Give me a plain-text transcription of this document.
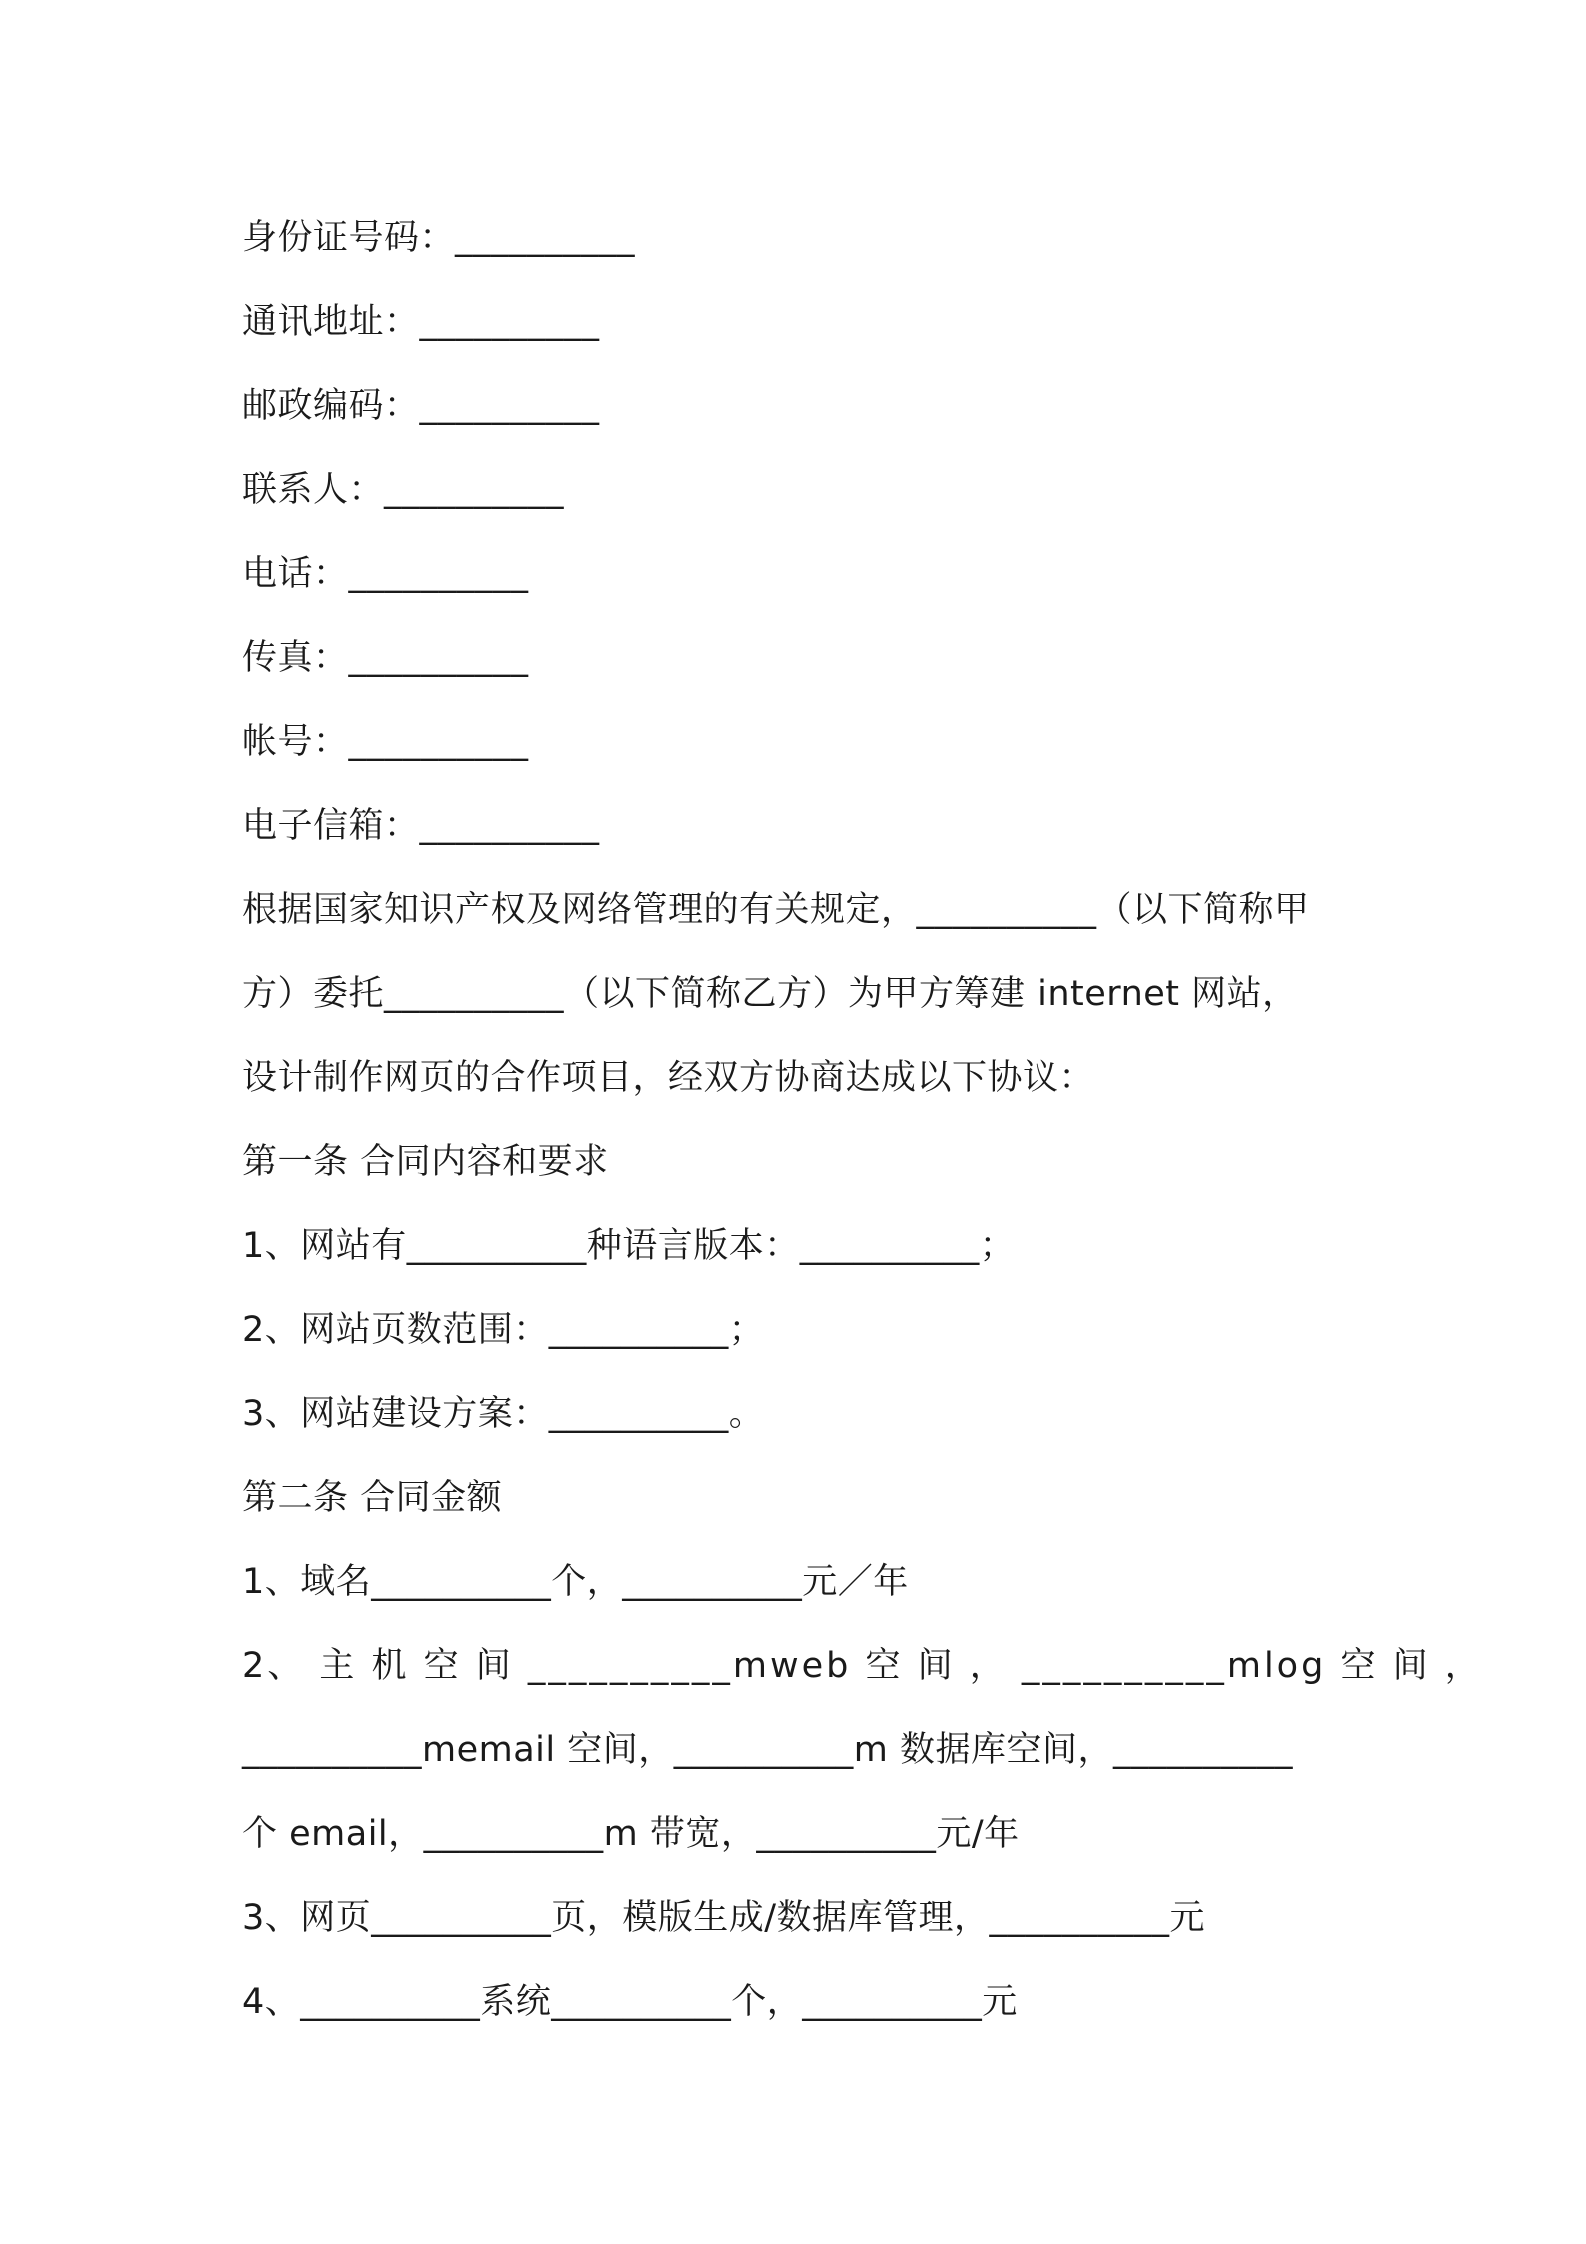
身份证号码：__________
通讯地址：__________
邮政编码：__________
联系人：__________
电话：__________
传真：__________
帐号：__________
电子信箱：__________
根据国家知识产权及网络管理的有关规定，__________（以下简称甲
方）委托__________（以下简称乙方）为甲方筹建 internet 网站，
设计制作网页的合作项目，经双方协商达成以下协议：
第一条 合同内容和要求
1、网站有__________种语言版本：__________；
2、网站页数范围：__________；
3、网站建设方案：__________。
第二条 合同金额
1、域名__________个，__________元／年
2、 主 机 空 间 __________mweb 空 间 ， __________mlog 空 间 ，
__________memail 空间，__________m 数据库空间，__________
个 email，__________m 带宽，__________元/年
3、网页__________页，模版生成/数据库管理，__________元
4、__________系统__________个，__________元
